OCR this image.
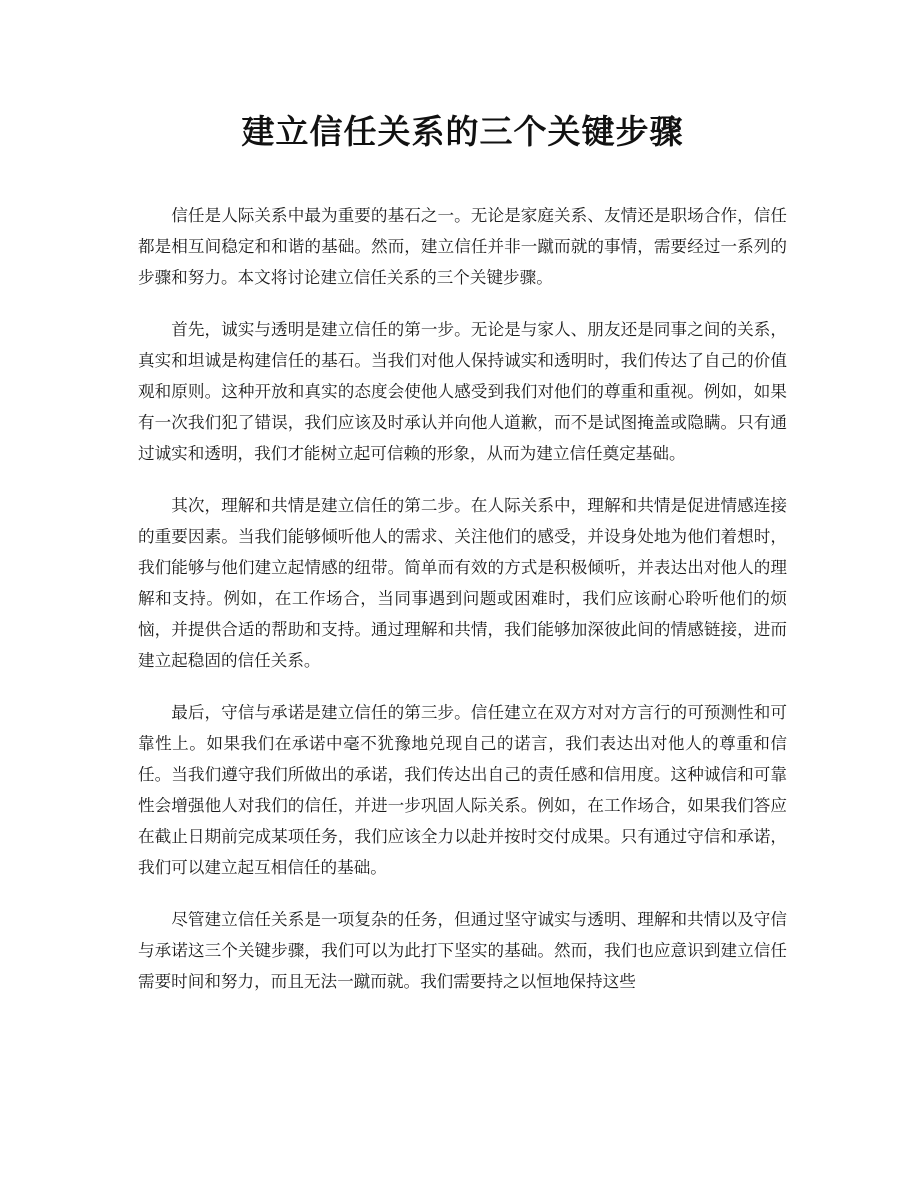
建立信任关系的三个关键步骤

信任是人际关系中最为重要的基石之一。无论是家庭关系、友情还是职场合作，信任都是相互间稳定和和谐的基础。然而，建立信任并非一蹴而就的事情，需要经过一系列的步骤和努力。本文将讨论建立信任关系的三个关键步骤。

首先，诚实与透明是建立信任的第一步。无论是与家人、朋友还是同事之间的关系，真实和坦诚是构建信任的基石。当我们对他人保持诚实和透明时，我们传达了自己的价值观和原则。这种开放和真实的态度会使他人感受到我们对他们的尊重和重视。例如，如果有一次我们犯了错误，我们应该及时承认并向他人道歉，而不是试图掩盖或隐瞒。只有通过诚实和透明，我们才能树立起可信赖的形象，从而为建立信任奠定基础。

其次，理解和共情是建立信任的第二步。在人际关系中，理解和共情是促进情感连接的重要因素。当我们能够倾听他人的需求、关注他们的感受，并设身处地为他们着想时，我们能够与他们建立起情感的纽带。简单而有效的方式是积极倾听，并表达出对他人的理解和支持。例如，在工作场合，当同事遇到问题或困难时，我们应该耐心聆听他们的烦恼，并提供合适的帮助和支持。通过理解和共情，我们能够加深彼此间的情感链接，进而建立起稳固的信任关系。

最后，守信与承诺是建立信任的第三步。信任建立在双方对对方言行的可预测性和可靠性上。如果我们在承诺中毫不犹豫地兑现自己的诺言，我们表达出对他人的尊重和信任。当我们遵守我们所做出的承诺，我们传达出自己的责任感和信用度。这种诚信和可靠性会增强他人对我们的信任，并进一步巩固人际关系。例如，在工作场合，如果我们答应在截止日期前完成某项任务，我们应该全力以赴并按时交付成果。只有通过守信和承诺，我们可以建立起互相信任的基础。

尽管建立信任关系是一项复杂的任务，但通过坚守诚实与透明、理解和共情以及守信与承诺这三个关键步骤，我们可以为此打下坚实的基础。然而，我们也应意识到建立信任需要时间和努力，而且无法一蹴而就。我们需要持之以恒地保持这些
